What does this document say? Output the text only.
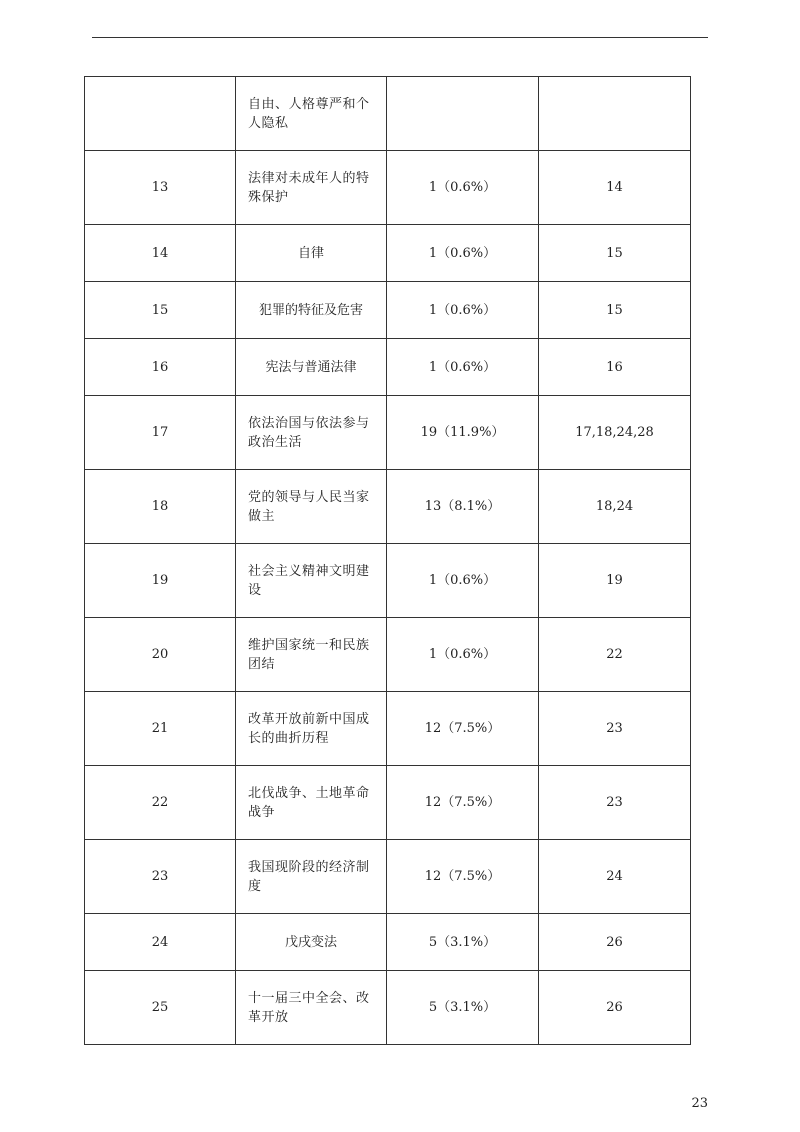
	自由、人格尊严和个人隐私		

13	法律对未成年人的特殊保护	1（0.6%）	14
14	自律	1（0.6%）	15
15	犯罪的特征及危害	1（0.6%）	15
16	宪法与普通法律	1（0.6%）	16
17	依法治国与依法参与政治生活	19（11.9%）	17,18,24,28
18	党的领导与人民当家做主	13（8.1%）	18,24
19	社会主义精神文明建设	1（0.6%）	19
20	维护国家统一和民族团结	1（0.6%）	22
21	改革开放前新中国成长的曲折历程	12（7.5%）	23
22	北伐战争、土地革命战争	12（7.5%）	23
23	我国现阶段的经济制度	12（7.5%）	24
24	戊戌变法	5（3.1%）	26
25	十一届三中全会、改革开放	5（3.1%）	26
23
